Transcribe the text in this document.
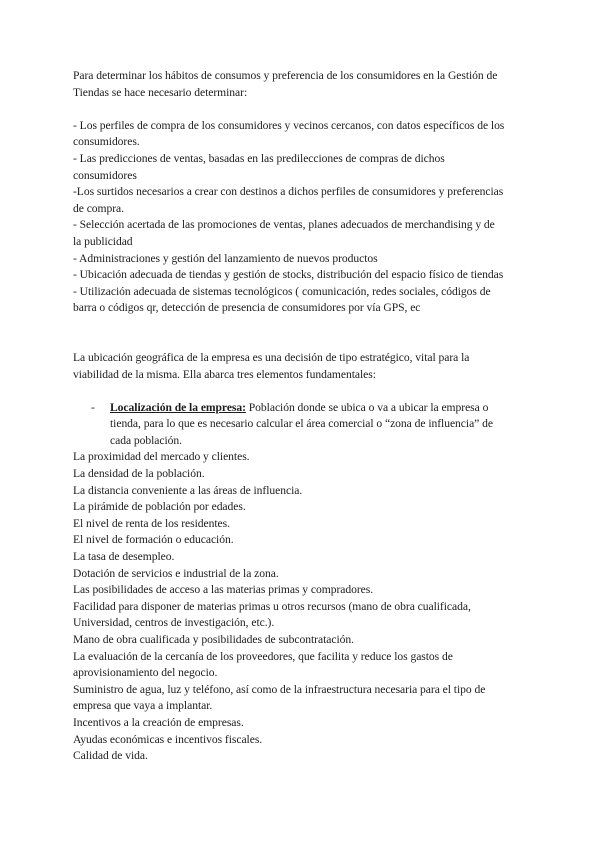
Para determinar los hábitos de consumos y preferencia de los consumidores en la Gestión de
Tiendas se hace necesario determinar:

- Los perfiles de compra de los consumidores y vecinos cercanos, con datos específicos de los
consumidores.

- Las predicciones de ventas, basadas en las predilecciones de compras de dichos
consumidores

-Los surtidos necesarios a crear con destinos a dichos perfiles de consumidores y preferencias
de compra.

- Selección acertada de las promociones de ventas, planes adecuados de merchandising y de
la publicidad

- Administraciones y gestión del lanzamiento de nuevos productos

- Ubicación adecuada de tiendas y gestión de stocks, distribución del espacio físico de tiendas

- Utilización adecuada de sistemas tecnológicos ( comunicación, redes sociales, códigos de
barra o códigos qr, detección de presencia de consumidores por vía GPS, ec

La ubicación geográfica de la empresa es una decisión de tipo estratégico, vital para la
viabilidad de la misma. Ella abarca tres elementos fundamentales:

- Localización de la empresa: Población donde se ubica o va a ubicar la empresa o
tienda, para lo que es necesario calcular el área comercial o “zona de influencia” de
cada población.
La proximidad del mercado y clientes.
La densidad de la población.
La distancia conveniente a las áreas de influencia.
La pirámide de población por edades.
El nivel de renta de los residentes.
El nivel de formación o educación.
La tasa de desempleo.
Dotación de servicios e industrial de la zona.
Las posibilidades de acceso a las materias primas y compradores.
Facilidad para disponer de materias primas u otros recursos (mano de obra cualificada,
Universidad, centros de investigación, etc.).
Mano de obra cualificada y posibilidades de subcontratación.
La evaluación de la cercanía de los proveedores, que facilita y reduce los gastos de
aprovisionamiento del negocio.
Suministro de agua, luz y teléfono, así como de la infraestructura necesaria para el tipo de
empresa que vaya a implantar.
Incentivos a la creación de empresas.
Ayudas económicas e incentivos fiscales.
Calidad de vida.
